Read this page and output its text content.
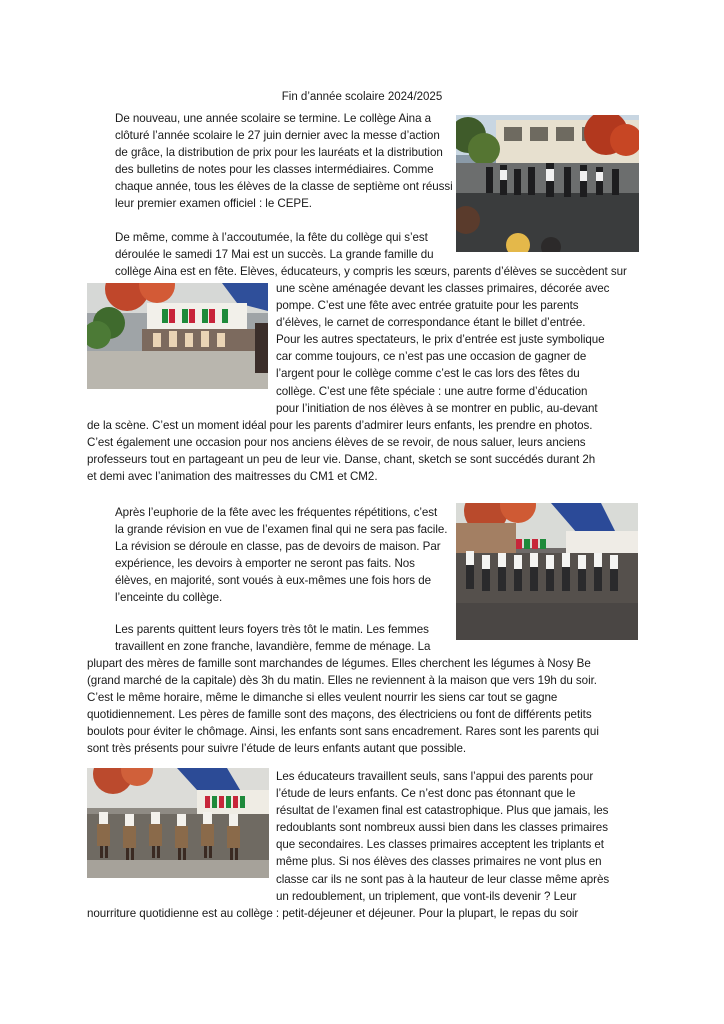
Fin d’année scolaire 2024/2025
De nouveau, une année scolaire se termine. Le collège Aina a
clôturé l’année scolaire le 27 juin dernier avec la messe d’action
de grâce, la distribution de prix pour les lauréats et la distribution
des bulletins de notes pour les classes intermédiaires. Comme
chaque année, tous les élèves de la classe de septième ont réussi
leur premier examen officiel : le CEPE.
De même, comme à l’accoutumée, la fête du collège qui s’est
déroulée le samedi 17 Mai est un succès. La grande famille du
collège Aina est en fête. Elèves, éducateurs, y compris les sœurs, parents d’élèves se succèdent sur
une scène aménagée devant les classes primaires, décorée avec
pompe. C’est une fête avec entrée gratuite pour les parents
d’élèves, le carnet de correspondance étant le billet d’entrée.
Pour les autres spectateurs, le prix d’entrée est juste symbolique
car comme toujours, ce n’est pas une occasion de gagner de
l’argent pour le collège comme c’est le cas lors des fêtes du
collège. C’est une fête spéciale : une autre forme d’éducation
pour l’initiation de nos élèves à se montrer en public, au-devant
de la scène. C’est un moment idéal pour les parents d’admirer leurs enfants, les prendre en photos.
C’est également une occasion pour nos anciens élèves de se revoir, de nous saluer, leurs anciens
professeurs tout en partageant un peu de leur vie. Danse, chant, sketch se sont succédés durant 2h
et demi avec l’animation des maitresses du CM1 et CM2.
Après l’euphorie de la fête avec les fréquentes répétitions, c’est
la grande révision en vue de l’examen final qui ne sera pas facile.
La révision se déroule en classe, pas de devoirs de maison. Par
expérience, les devoirs à emporter ne seront pas faits. Nos
élèves, en majorité, sont voués à eux-mêmes une fois hors de
l’enceinte du collège.
Les parents quittent leurs foyers très tôt le matin. Les femmes
travaillent en zone franche, lavandière, femme de ménage. La
plupart des mères de famille sont marchandes de légumes. Elles cherchent les légumes à Nosy Be
(grand marché de la capitale) dès 3h du matin. Elles ne reviennent à la maison que vers 19h du soir.
C’est le même horaire, même le dimanche si elles veulent nourrir les siens car tout se gagne
quotidiennement. Les pères de famille sont des maçons, des électriciens ou font de différents petits
boulots pour éviter le chômage. Ainsi, les enfants sont sans encadrement. Rares sont les parents qui
sont très présents pour suivre l’étude de leurs enfants autant que possible.
Les éducateurs travaillent seuls, sans l’appui des parents pour
l’étude de leurs enfants. Ce n’est donc pas étonnant que le
résultat de l’examen final est catastrophique. Plus que jamais, les
redoublants sont nombreux aussi bien dans les classes primaires
que secondaires. Les classes primaires acceptent les triplants et
même plus. Si nos élèves des classes primaires ne vont plus en
classe car ils ne sont pas à la hauteur de leur classe même après
un redoublement, un triplement, que vont-ils devenir ? Leur
nourriture quotidienne est au collège : petit-déjeuner et déjeuner. Pour la plupart, le repas du soir
